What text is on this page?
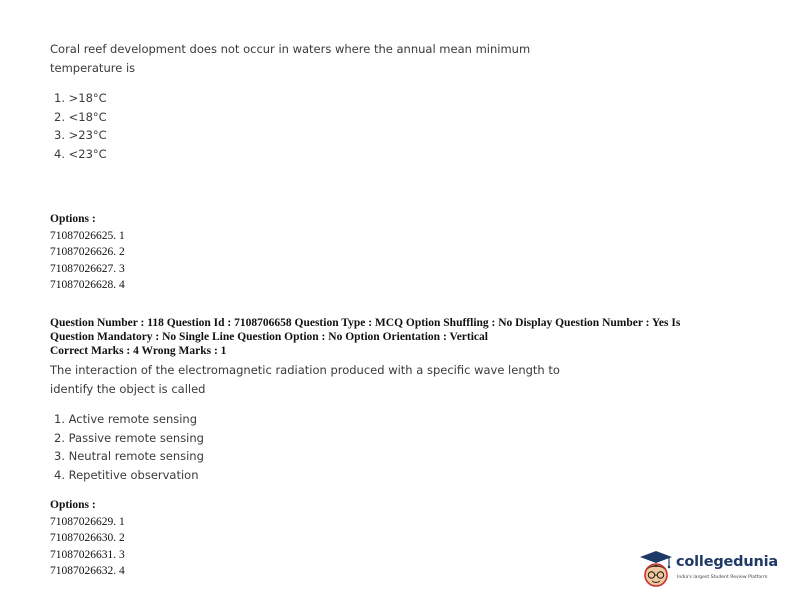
Coral reef development does not occur in waters where the annual mean minimum
temperature is
1. >18°C
2. <18°C
3. >23°C
4. <23°C
Options :
71087026625. 1
71087026626. 2
71087026627. 3
71087026628. 4
Question Number : 118 Question Id : 7108706658 Question Type : MCQ Option Shuffling : No Display Question Number : Yes Is
Question Mandatory : No Single Line Question Option : No Option Orientation : Vertical
Correct Marks : 4 Wrong Marks : 1
The interaction of the electromagnetic radiation produced with a specific wave length to
identify the object is called
1. Active remote sensing
2. Passive remote sensing
3. Neutral remote sensing
4. Repetitive observation
Options :
71087026629. 1
71087026630. 2
71087026631. 3
71087026632. 4
collegedunia
India's largest Student Review Platform
